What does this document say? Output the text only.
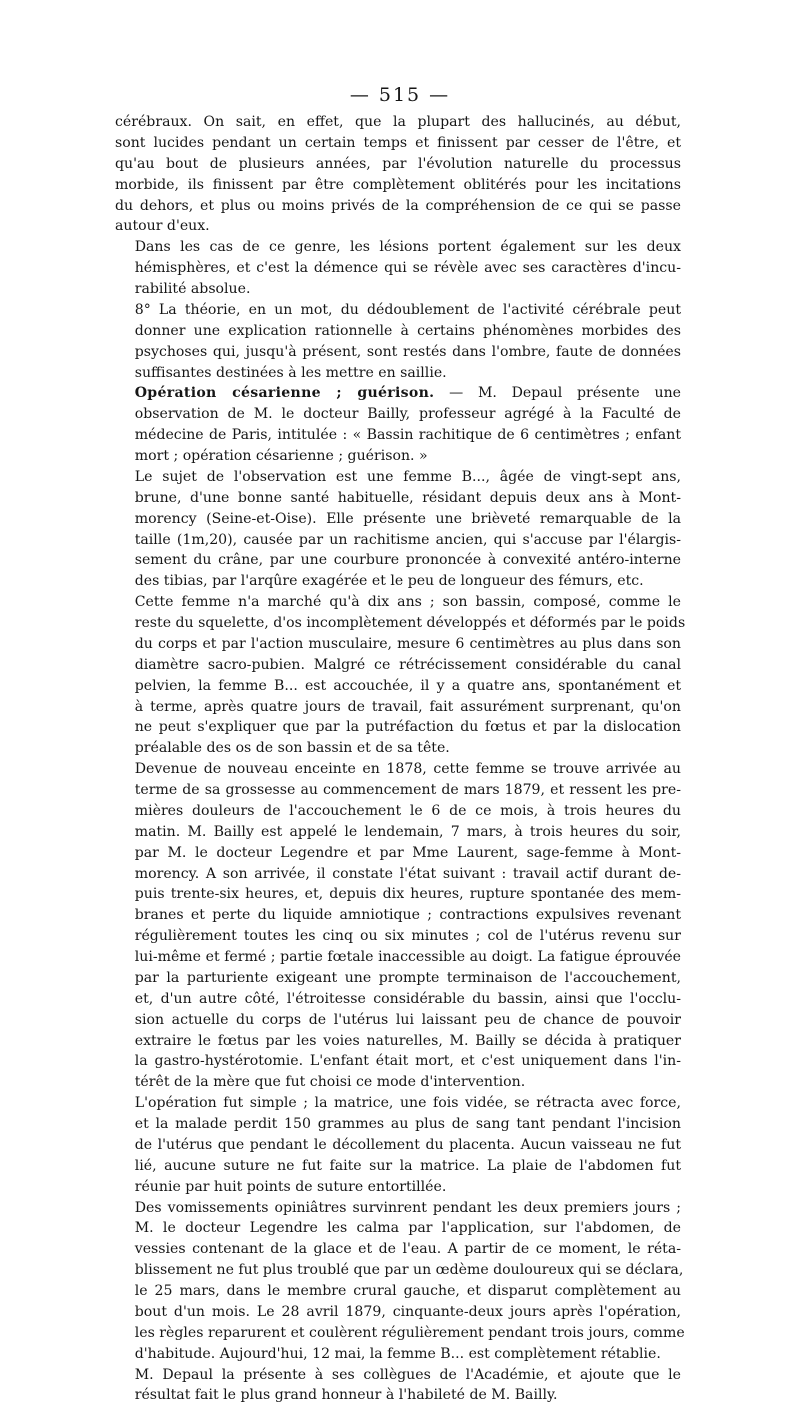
— 515 —

cérébraux. On sait, en effet, que la plupart des hallucinés, au début,
sont lucides pendant un certain temps et finissent par cesser de l'être, et
qu'au bout de plusieurs années, par l'évolution naturelle du processus
morbide, ils finissent par être complètement oblitérés pour les incitations
du dehors, et plus ou moins privés de la compréhension de ce qui se passe
autour d'eux.

Dans les cas de ce genre, les lésions portent également sur les deux
hémisphères, et c'est la démence qui se révèle avec ses caractères d'incu-
rabilité absolue.

8° La théorie, en un mot, du dédoublement de l'activité cérébrale peut
donner une explication rationnelle à certains phénomènes morbides des
psychoses qui, jusqu'à présent, sont restés dans l'ombre, faute de données
suffisantes destinées à les mettre en saillie.

Opération césarienne ; guérison. — M. Depaul présente une
observation de M. le docteur Bailly, professeur agrégé à la Faculté de
médecine de Paris, intitulée : « Bassin rachitique de 6 centimètres ; enfant
mort ; opération césarienne ; guérison. »

Le sujet de l'observation est une femme B..., âgée de vingt-sept ans,
brune, d'une bonne santé habituelle, résidant depuis deux ans à Mont-
morency (Seine-et-Oise). Elle présente une brièveté remarquable de la
taille (1m,20), causée par un rachitisme ancien, qui s'accuse par l'élargis-
sement du crâne, par une courbure prononcée à convexité antéro-interne
des tibias, par l'arqûre exagérée et le peu de longueur des fémurs, etc.

Cette femme n'a marché qu'à dix ans ; son bassin, composé, comme le
reste du squelette, d'os incomplètement développés et déformés par le poids
du corps et par l'action musculaire, mesure 6 centimètres au plus dans son
diamètre sacro-pubien. Malgré ce rétrécissement considérable du canal
pelvien, la femme B... est accouchée, il y a quatre ans, spontanément et
à terme, après quatre jours de travail, fait assurément surprenant, qu'on
ne peut s'expliquer que par la putréfaction du fœtus et par la dislocation
préalable des os de son bassin et de sa tête.

Devenue de nouveau enceinte en 1878, cette femme se trouve arrivée au
terme de sa grossesse au commencement de mars 1879, et ressent les pre-
mières douleurs de l'accouchement le 6 de ce mois, à trois heures du
matin. M. Bailly est appelé le lendemain, 7 mars, à trois heures du soir,
par M. le docteur Legendre et par Mme Laurent, sage-femme à Mont-
morency. A son arrivée, il constate l'état suivant : travail actif durant de-
puis trente-six heures, et, depuis dix heures, rupture spontanée des mem-
branes et perte du liquide amniotique ; contractions expulsives revenant
régulièrement toutes les cinq ou six minutes ; col de l'utérus revenu sur
lui-même et fermé ; partie fœtale inaccessible au doigt. La fatigue éprouvée
par la parturiente exigeant une prompte terminaison de l'accouchement,
et, d'un autre côté, l'étroitesse considérable du bassin, ainsi que l'occlu-
sion actuelle du corps de l'utérus lui laissant peu de chance de pouvoir
extraire le fœtus par les voies naturelles, M. Bailly se décida à pratiquer
la gastro-hystérotomie. L'enfant était mort, et c'est uniquement dans l'in-
térêt de la mère que fut choisi ce mode d'intervention.

L'opération fut simple ; la matrice, une fois vidée, se rétracta avec force,
et la malade perdit 150 grammes au plus de sang tant pendant l'incision
de l'utérus que pendant le décollement du placenta. Aucun vaisseau ne fut
lié, aucune suture ne fut faite sur la matrice. La plaie de l'abdomen fut
réunie par huit points de suture entortillée.

Des vomissements opiniâtres survinrent pendant les deux premiers jours ;
M. le docteur Legendre les calma par l'application, sur l'abdomen, de
vessies contenant de la glace et de l'eau. A partir de ce moment, le réta-
blissement ne fut plus troublé que par un œdème douloureux qui se déclara,
le 25 mars, dans le membre crural gauche, et disparut complètement au
bout d'un mois. Le 28 avril 1879, cinquante-deux jours après l'opération,
les règles reparurent et coulèrent régulièrement pendant trois jours, comme
d'habitude. Aujourd'hui, 12 mai, la femme B... est complètement rétablie.

M. Depaul la présente à ses collègues de l'Académie, et ajoute que le
résultat fait le plus grand honneur à l'habileté de M. Bailly.
